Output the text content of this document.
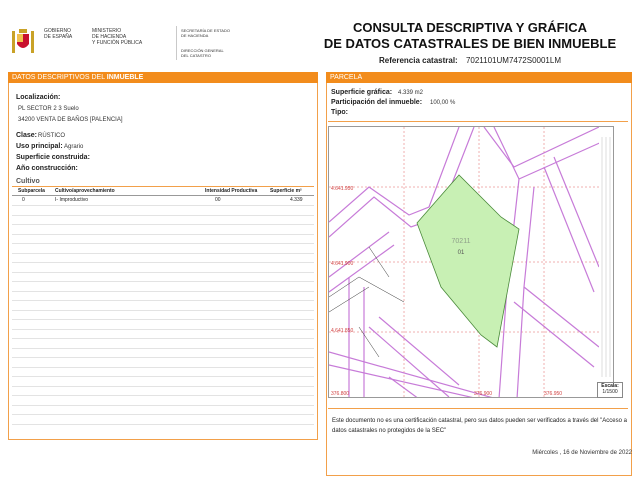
GOBIERNO
DE ESPAÑA
MINISTERIO
DE HACIENDA
Y FUNCIÓN PÚBLICA
SECRETARÍA DE ESTADO
DE HACIENDA
DIRECCIÓN GENERAL
DEL CATASTRO
CONSULTA DESCRIPTIVA Y GRÁFICA
DE DATOS CATASTRALES DE BIEN INMUEBLE
Referencia catastral: 7021101UM7472S0001LM
DATOS DESCRIPTIVOS DEL INMUEBLE
Localización:
PL SECTOR 2 3 Suelo
34200 VENTA DE BAÑOS [PALENCIA]
Clase: RÚSTICO
Uso principal: Agrario
Superficie construida:
Año construcción:
Cultivo
Subparcela Cultivo/aprovechamiento	Intensidad Productiva	Superficie m²
0	I- Improductivo	00	4.339
PARCELA
Superficie gráfica: 4.339 m2
Participación del inmueble: 100,00 %
Tipo:
70211
01
4.641.950
4.641.900
4.641.850
376.800	376.900	376.950
Escala:
1/1500
Este documento no es una certificación catastral, pero sus datos pueden ser verificados a través del "Acceso a datos catastrales no protegidos de la SEC"
Miércoles , 16 de Noviembre de 2022
